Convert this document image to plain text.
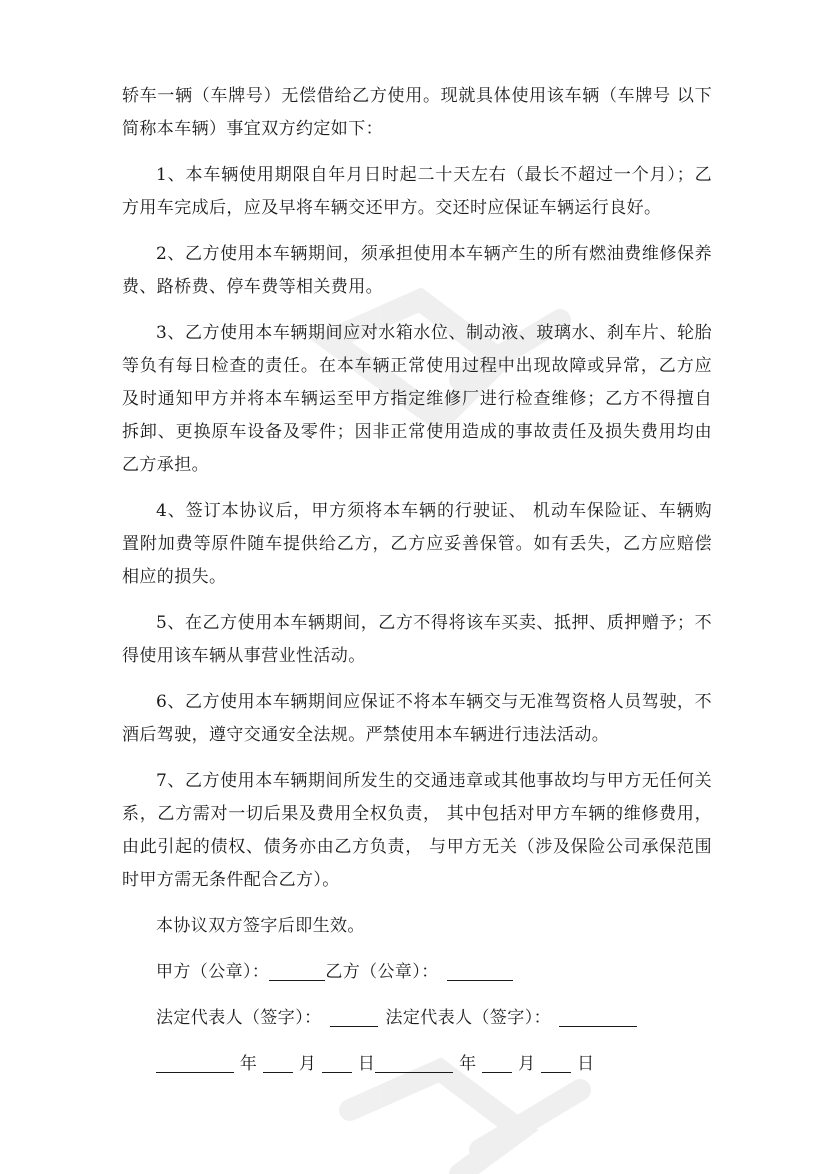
轿车一辆（车牌号）无偿借给乙方使用。现就具体使用该车辆（车牌号 以下简称本车辆）事宜双方约定如下：

1、本车辆使用期限自年月日时起二十天左右（最长不超过一个月）；乙方用车完成后，应及早将车辆交还甲方。交还时应保证车辆运行良好。

2、乙方使用本车辆期间，须承担使用本车辆产生的所有燃油费维修保养费、路桥费、停车费等相关费用。

3、乙方使用本车辆期间应对水箱水位、制动液、玻璃水、刹车片、轮胎等负有每日检查的责任。在本车辆正常使用过程中出现故障或异常，乙方应及时通知甲方并将本车辆运至甲方指定维修厂进行检查维修；乙方不得擅自拆卸、更换原车设备及零件；因非正常使用造成的事故责任及损失费用均由乙方承担。

4、签订本协议后，甲方须将本车辆的行驶证、 机动车保险证、车辆购置附加费等原件随车提供给乙方，乙方应妥善保管。如有丢失，乙方应赔偿相应的损失。

5、在乙方使用本车辆期间，乙方不得将该车买卖、抵押、质押赠予；不得使用该车辆从事营业性活动。

6、乙方使用本车辆期间应保证不将本车辆交与无准驾资格人员驾驶，不酒后驾驶，遵守交通安全法规。严禁使用本车辆进行违法活动。

7、乙方使用本车辆期间所发生的交通违章或其他事故均与甲方无任何关系，乙方需对一切后果及费用全权负责， 其中包括对甲方车辆的维修费用， 由此引起的债权、债务亦由乙方负责， 与甲方无关（涉及保险公司承保范围时甲方需无条件配合乙方）。

本协议双方签字后即生效。

甲方（公章）：	乙方（公章）：
法定代表人（签字）：	法定代表人（签字）：
年 月 日	年 月 日
